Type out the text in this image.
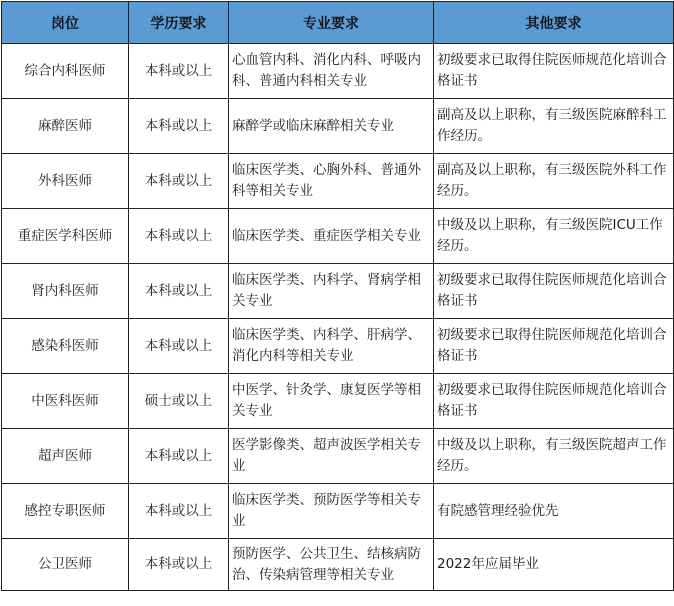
岗位	学历要求	专业要求	其他要求
综合内科医师	本科或以上	心血管内科、消化内科、呼吸内科、普通内科相关专业	初级要求已取得住院医师规范化培训合格证书
麻醉医师	本科或以上	麻醉学或临床麻醉相关专业	副高及以上职称，有三级医院麻醉科工作经历。
外科医师	本科或以上	临床医学类、心胸外科、普通外科等相关专业	副高及以上职称，有三级医院外科工作经历。
重症医学科医师	本科或以上	临床医学类、重症医学相关专业	中级及以上职称，有三级医院ICU工作经历。
肾内科医师	本科或以上	临床医学类、内科学、肾病学相关专业	初级要求已取得住院医师规范化培训合格证书
感染科医师	本科或以上	临床医学类、内科学、肝病学、消化内科等相关专业	初级要求已取得住院医师规范化培训合格证书
中医科医师	硕士或以上	中医学、针灸学、康复医学等相关专业	初级要求已取得住院医师规范化培训合格证书
超声医师	本科或以上	医学影像类、超声波医学相关专业	中级及以上职称，有三级医院超声工作经历。
感控专职医师	本科或以上	临床医学类、预防医学等相关专业	有院感管理经验优先
公卫医师	本科或以上	预防医学、公共卫生、结核病防治、传染病管理等相关专业	2022年应届毕业
